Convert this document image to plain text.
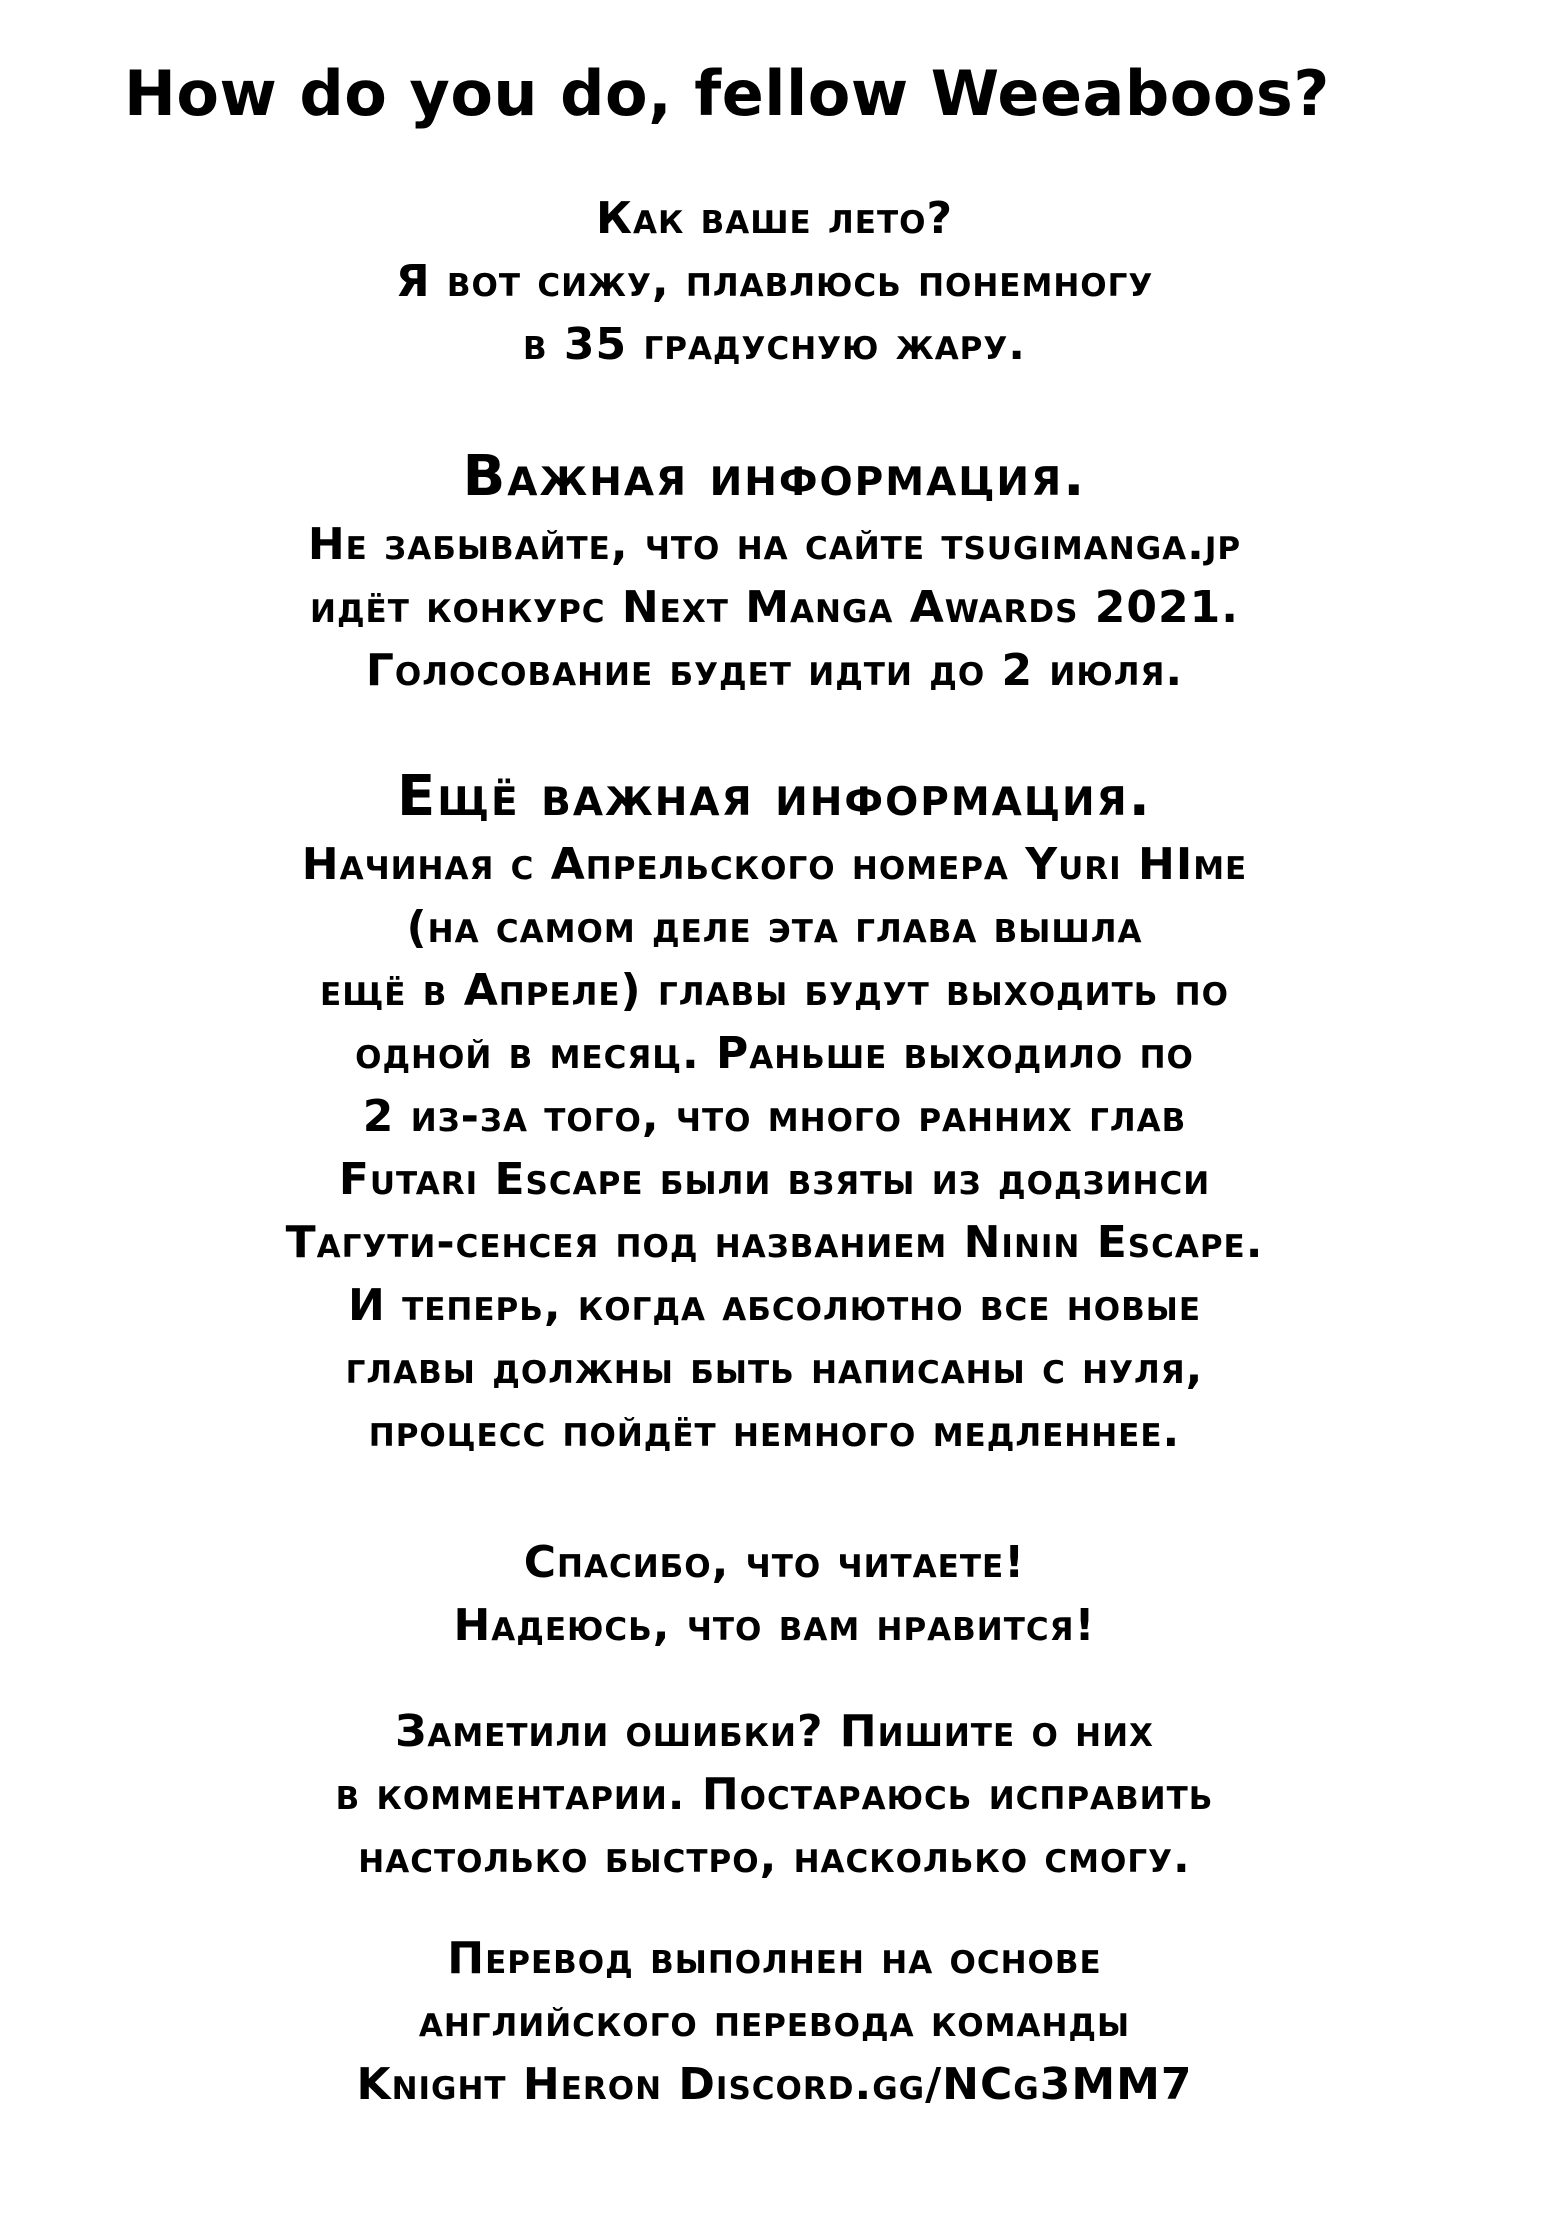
How do you do, fellow Weeaboos?
Как ваше лето?
Я вот сижу, плавлюсь понемногу
в 35 градусную жару.
Важная информация.
Не забывайте, что на сайте tsugimanga.jp
идёт конкурс Next Manga Awards 2021.
Голосование будет идти до 2 июля.
Ещё важная информация.
Начиная с Апрельского номера Yuri HIme
(на самом деле эта глава вышла
ещё в Апреле) главы будут выходить по
одной в месяц. Раньше выходило по
2 из-за того, что много ранних глав
Futari Escape были взяты из додзинси
Тагути-сенсея под названием Ninin Escape.
И теперь, когда абсолютно все новые
главы должны быть написаны с нуля,
процесс пойдёт немного медленнее.
Спасибо, что читаете!
Надеюсь, что вам нравится!
Заметили ошибки? Пишите о них
в комментарии. Постараюсь исправить
настолько быстро, насколько смогу.
Перевод выполнен на основе
английского перевода команды
Knight Heron Discord.gg/NCg3MM7
